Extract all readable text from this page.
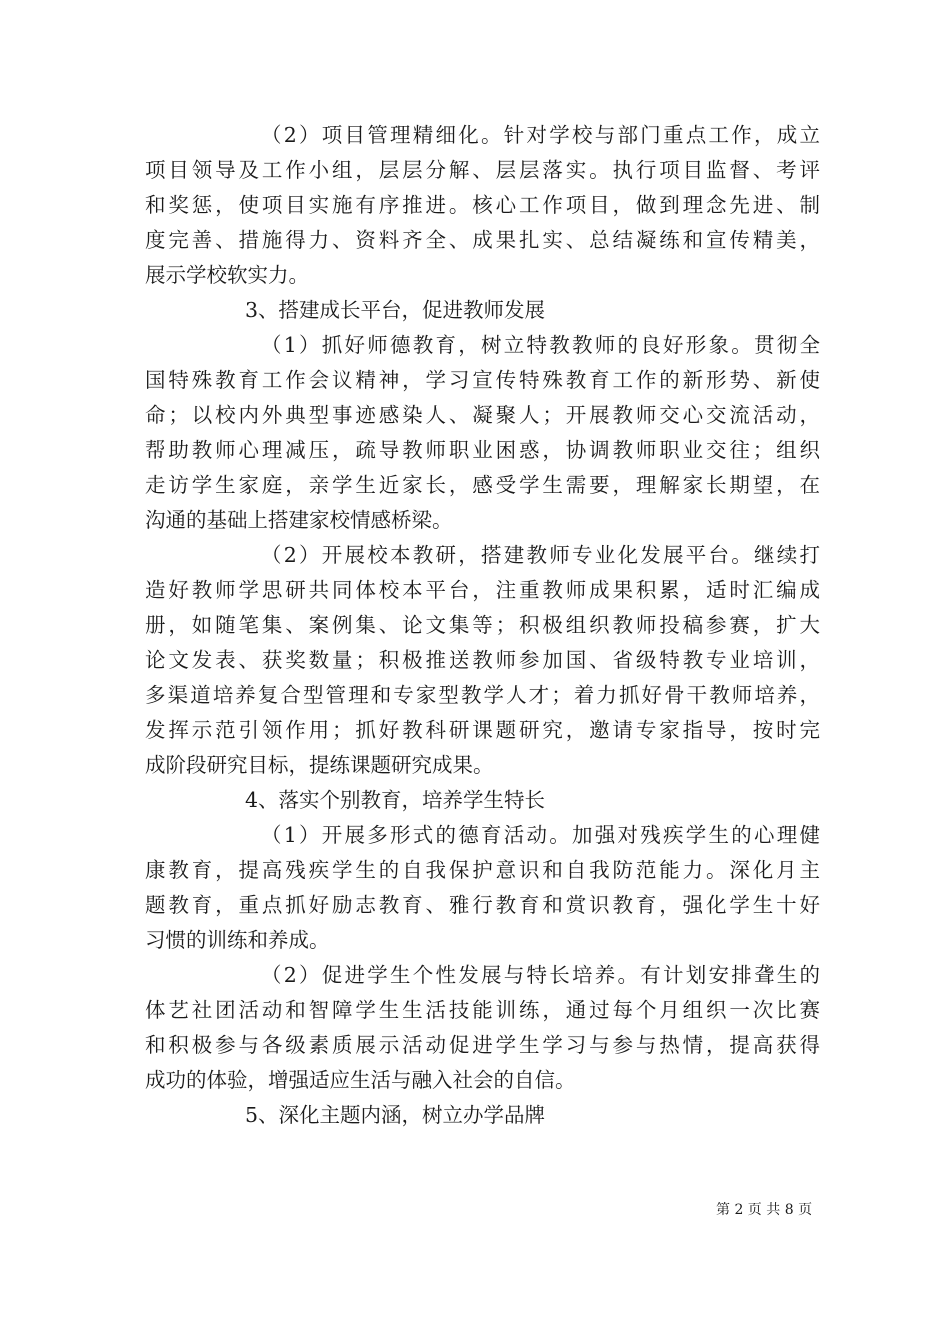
（2）项目管理精细化。针对学校与部门重点工作，成立
项目领导及工作小组，层层分解、层层落实。执行项目监督、考评
和奖惩，使项目实施有序推进。核心工作项目，做到理念先进、制
度完善、措施得力、资料齐全、成果扎实、总结凝练和宣传精美，
展示学校软实力。
3、搭建成长平台，促进教师发展
（1）抓好师德教育，树立特教教师的良好形象。贯彻全
国特殊教育工作会议精神，学习宣传特殊教育工作的新形势、新使
命；以校内外典型事迹感染人、凝聚人；开展教师交心交流活动，
帮助教师心理减压，疏导教师职业困惑，协调教师职业交往；组织
走访学生家庭，亲学生近家长，感受学生需要，理解家长期望，在
沟通的基础上搭建家校情感桥梁。
（2）开展校本教研，搭建教师专业化发展平台。继续打
造好教师学思研共同体校本平台，注重教师成果积累，适时汇编成
册，如随笔集、案例集、论文集等；积极组织教师投稿参赛，扩大
论文发表、获奖数量；积极推送教师参加国、省级特教专业培训，
多渠道培养复合型管理和专家型教学人才；着力抓好骨干教师培养，
发挥示范引领作用；抓好教科研课题研究，邀请专家指导，按时完
成阶段研究目标，提练课题研究成果。
4、落实个别教育，培养学生特长
（1）开展多形式的德育活动。加强对残疾学生的心理健
康教育，提高残疾学生的自我保护意识和自我防范能力。深化月主
题教育，重点抓好励志教育、雅行教育和赏识教育，强化学生十好
习惯的训练和养成。
（2）促进学生个性发展与特长培养。有计划安排聋生的
体艺社团活动和智障学生生活技能训练，通过每个月组织一次比赛
和积极参与各级素质展示活动促进学生学习与参与热情，提高获得
成功的体验，增强适应生活与融入社会的自信。
5、深化主题内涵，树立办学品牌
第 2 页 共 8 页
